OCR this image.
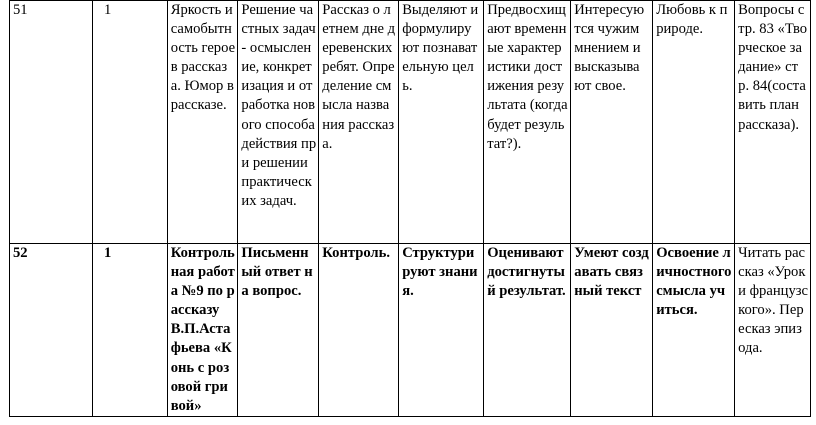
51	1	Яркость и самобытность героев рассказа. Юмор в рассказе.	Решение частных задач - осмысление, конкретизация и отработка нового способа действия при решении практических задач.	Рассказ о летнем дне деревенских ребят. Определение смысла названия рассказа.	Выделяют и формулируют познавательную цель.	Предвосхищают временные характеристики достижения результата (когда будет результат?).	Интересуются чужим мнением и высказывают свое.	Любовь к природе.	Вопросы стр. 83 «Творческое задание» стр. 84(составить план рассказа).

52	1	Контрольная работа №9 по рассказу В.П.Астафьева «Конь с розовой гривой»	Письменный ответ на вопрос.	Контроль.	Структурируют знания.	Оценивают достигнутый результат.	Умеют создавать связный текст	Освоение личностного смысла учиться.	Читать рассказ «Уроки французского». Пересказ эпизода.
